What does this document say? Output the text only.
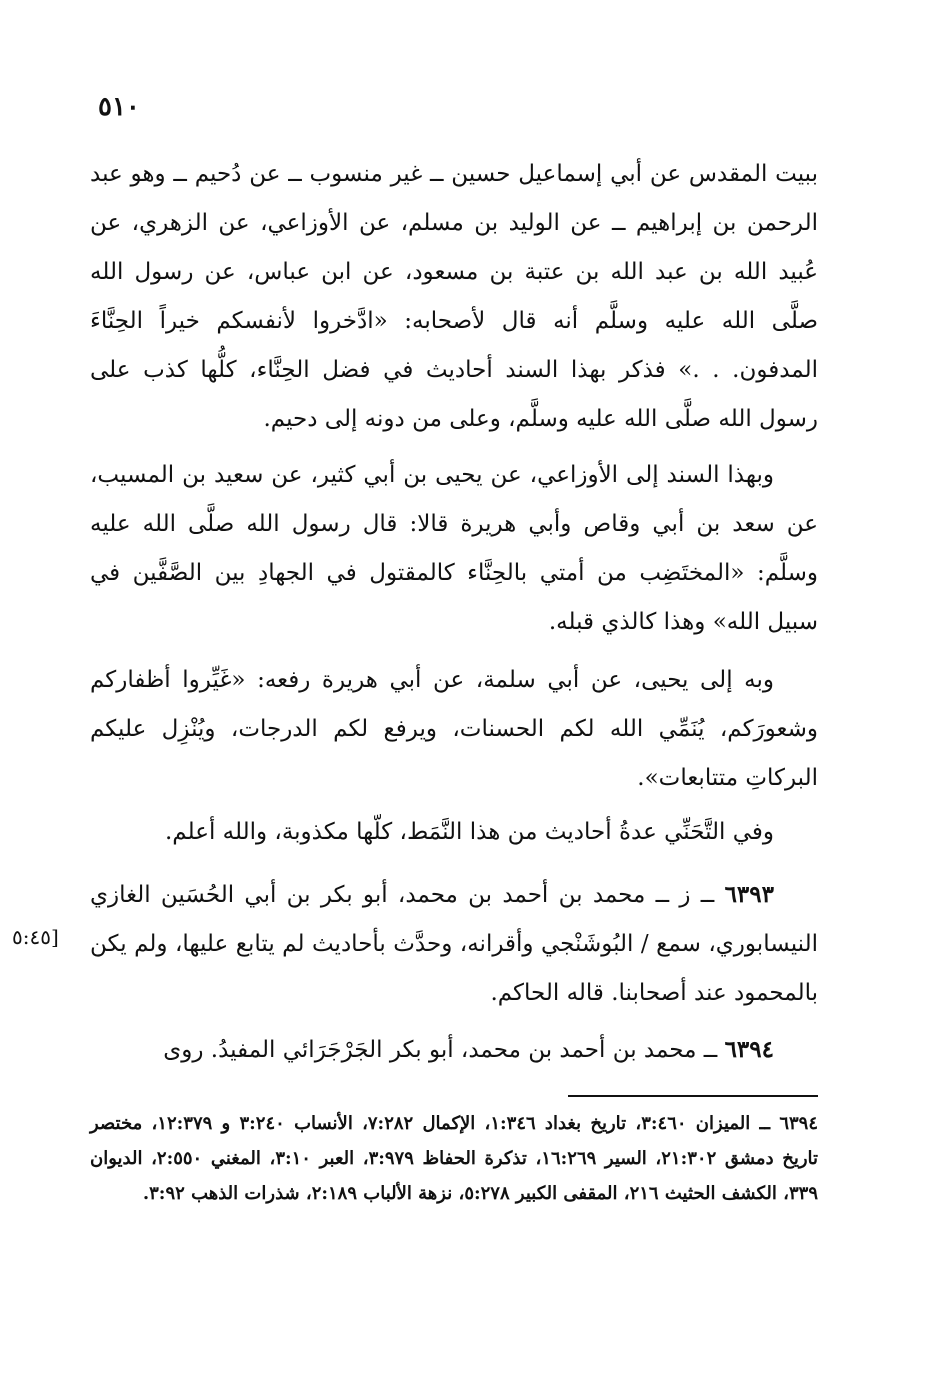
٥١٠

ببيت المقدس عن أبي إسماعيل حسين ــ غير منسوب ــ عن دُحيم ــ وهو عبد الرحمن بن إبراهيم ــ عن الوليد بن مسلم، عن الأوزاعي، عن الزهري، عن عُبيد الله بن عبد الله بن عتبة بن مسعود، عن ابن عباس، عن رسول الله صلَّى الله عليه وسلَّم أنه قال لأصحابه: «ادَّخروا لأنفسكم خيراً الحِنَّاءَ المدفون. . .» فذكر بهذا السند أحاديث في فضل الحِنَّاء، كلُّها كذب على رسول الله صلَّى الله عليه وسلَّم، وعلى من دونه إلى دحيم.

وبهذا السند إلى الأوزاعي، عن يحيى بن أبي كثير، عن سعيد بن المسيب، عن سعد بن أبي وقاص وأبي هريرة قالا: قال رسول الله صلَّى الله عليه وسلَّم: «المختَضِب من أمتي بالحِنَّاء كالمقتول في الجهادِ بين الصَّفَّين في سبيل الله» وهذا كالذي قبله.

وبه إلى يحيى، عن أبي سلمة، عن أبي هريرة رفعه: «غَيِّروا أظفاركم وشعورَكم، يُنَمِّي الله لكم الحسنات، ويرفع لكم الدرجات، ويُنْزِل عليكم البركاتِ متتابعات».

وفي التَّحَنِّي عدةُ أحاديث من هذا النَّمَط، كلّها مكذوبة، والله أعلم.

٦٣٩٣ ــ ز ــ محمد بن أحمد بن محمد، أبو بكر بن أبي الحُسَين الغازي النيسابوري، سمع / البُوشَنْجي وأقرانه، وحدَّث بأحاديث لم يتابع عليها، ولم يكن بالمحمود عند أصحابنا. قاله الحاكم.

[٥:٤٥

٦٣٩٤ ــ محمد بن أحمد بن محمد، أبو بكر الجَرْجَرَائي المفيدُ. روى

٦٣٩٤ ــ الميزان ٣:٤٦٠، تاريخ بغداد ١:٣٤٦، الإكمال ٧:٢٨٢، الأنساب ٣:٢٤٠ و ١٢:٣٧٩، مختصر تاريخ دمشق ٢١:٣٠٢، السير ١٦:٢٦٩، تذكرة الحفاظ ٣:٩٧٩، العبر ٣:١٠، المغني ٢:٥٥٠، الديوان ٣٣٩، الكشف الحثيث ٢١٦، المقفى الكبير ٥:٢٧٨، نزهة الألباب ٢:١٨٩، شذرات الذهب ٣:٩٢.
